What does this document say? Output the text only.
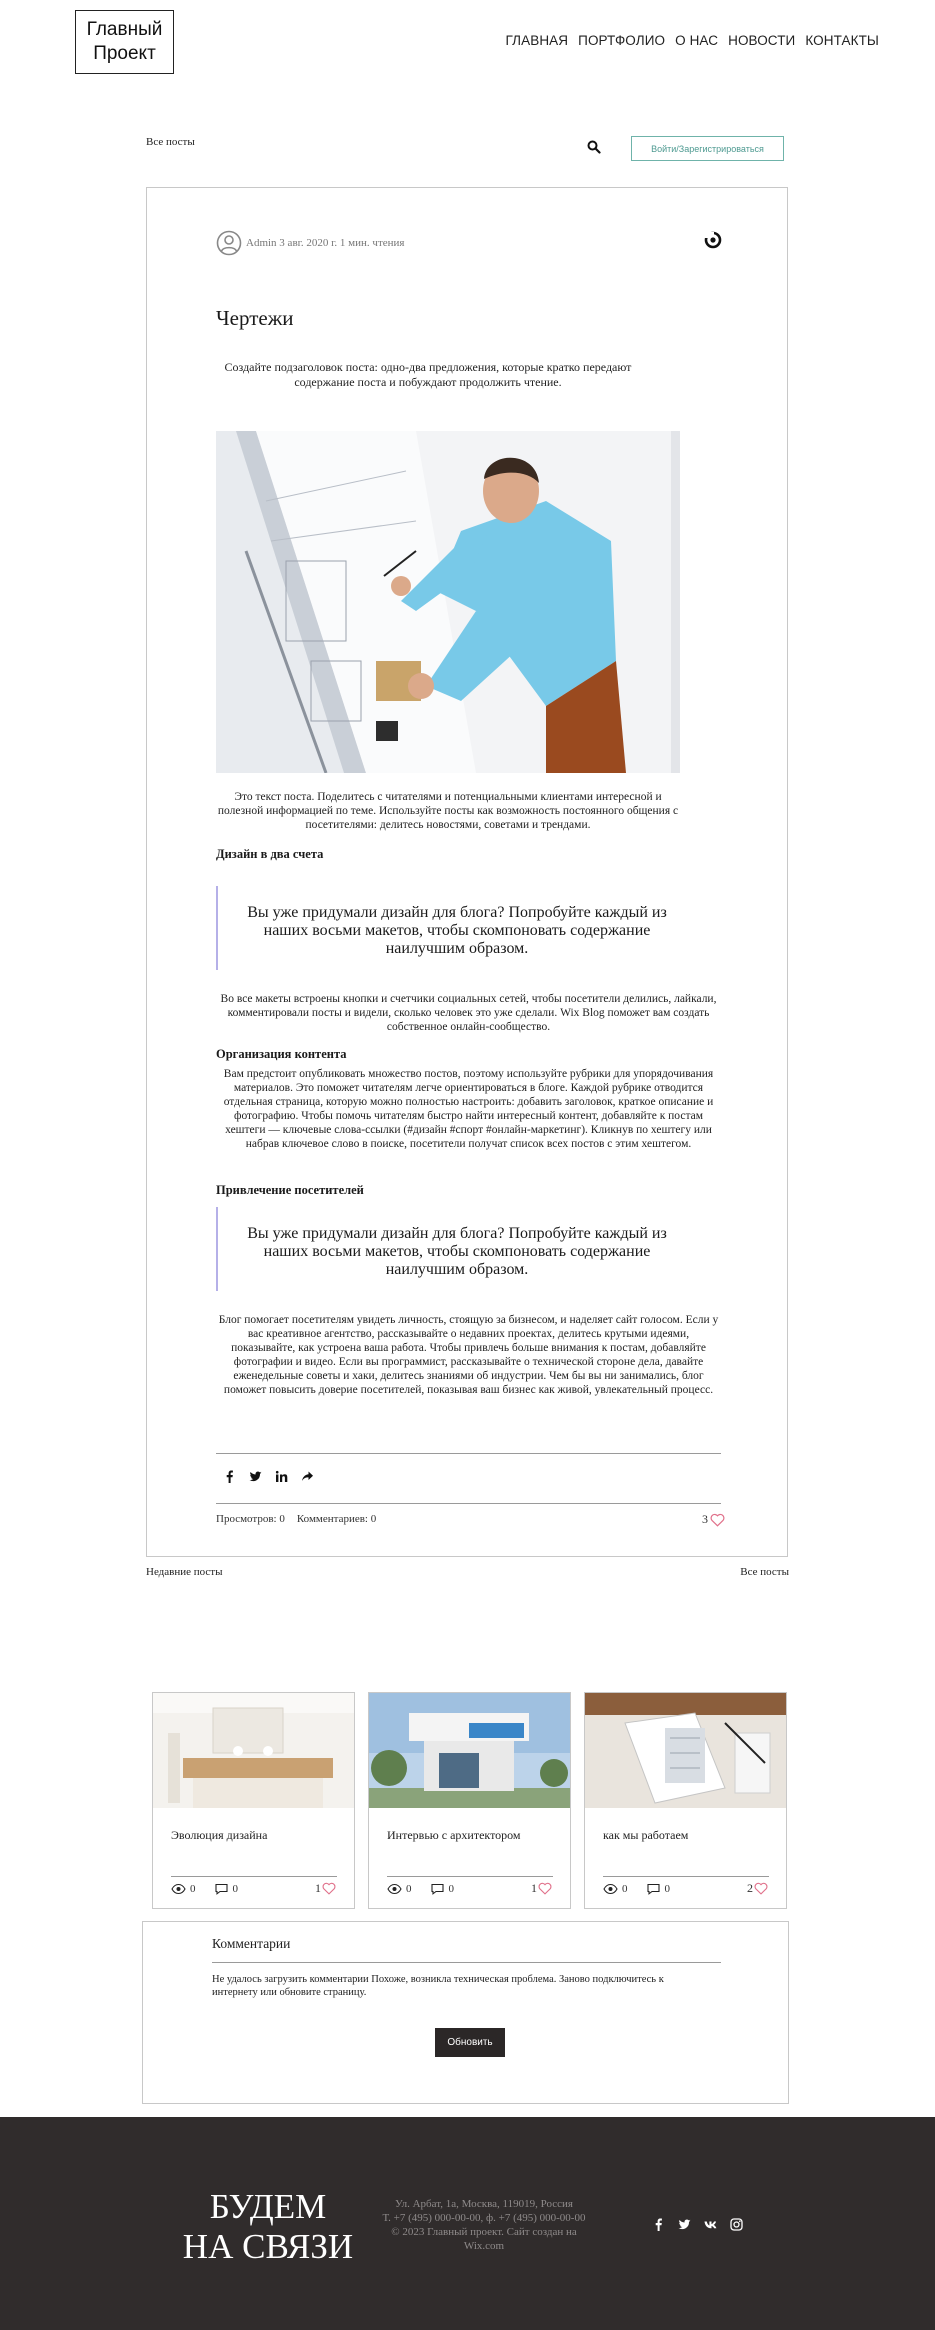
Главный
Проект
ГЛАВНАЯ ПОРТФОЛИО О НАС НОВОСТИ КОНТАКТЫ
Все посты
Войти/Зарегистрироваться
Admin 3 авг. 2020 г. 1 мин. чтения
Чертежи

Создайте подзаголовок поста: одно-два предложения, которые кратко передают содержание поста и побуждают продолжить чтение.

Это текст поста. Поделитесь с читателями и потенциальными клиентами интересной и полезной информацией по теме. Используйте посты как возможность постоянного общения с посетителями: делитесь новостями, советами и трендами.

Дизайн в два счета
Вы уже придумали дизайн для блога? Попробуйте каждый из наших восьми макетов, чтобы скомпоновать содержание наилучшим образом.

Во все макеты встроены кнопки и счетчики социальных сетей, чтобы посетители делились, лайкали, комментировали посты и видели, сколько человек это уже сделали. Wix Blog поможет вам создать собственное онлайн-сообщество.

Организация контента

Вам предстоит опубликовать множество постов, поэтому используйте рубрики для упорядочивания материалов. Это поможет читателям легче ориентироваться в блоге. Каждой рубрике отводится отдельная страница, которую можно полностью настроить: добавить заголовок, краткое описание и фотографию. Чтобы помочь читателям быстро найти интересный контент, добавляйте к постам хештеги — ключевые слова-ссылки (#дизайн #спорт #онлайн-маркетинг). Кликнув по хештегу или набрав ключевое слово в поиске, посетители получат список всех постов с этим хештегом.

Привлечение посетителей
Вы уже придумали дизайн для блога? Попробуйте каждый из наших восьми макетов, чтобы скомпоновать содержание наилучшим образом.

Блог помогает посетителям увидеть личность, стоящую за бизнесом, и наделяет сайт голосом. Если у вас креативное агентство, рассказывайте о недавних проектах, делитесь крутыми идеями, показывайте, как устроена ваша работа. Чтобы привлечь больше внимания к постам, добавляйте фотографии и видео. Если вы программист, рассказывайте о технической стороне дела, давайте еженедельные советы и хаки, делитесь знаниями об индустрии. Чем бы вы ни занимались, блог поможет повысить доверие посетителей, показывая ваш бизнес как живой, увлекательный процесс.

Просмотров: 0 Комментариев: 0	3
Недавние посты	Все посты
Эволюция дизайна
0	0	1
Интервью с архитектором
0	0	1
как мы работаем
0	0	2
Комментарии

Не удалось загрузить комментарии Похоже, возникла техническая проблема. Заново подключитесь к интернету или обновите страницу.

Обновить
БУДЕМ
НА СВЯЗИ
Ул. Арбат, 1а, Москва, 119019, Россия
Т. +7 (495) 000-00-00, ф. +7 (495) 000-00-00
© 2023 Главный проект. Сайт создан на Wix.com
